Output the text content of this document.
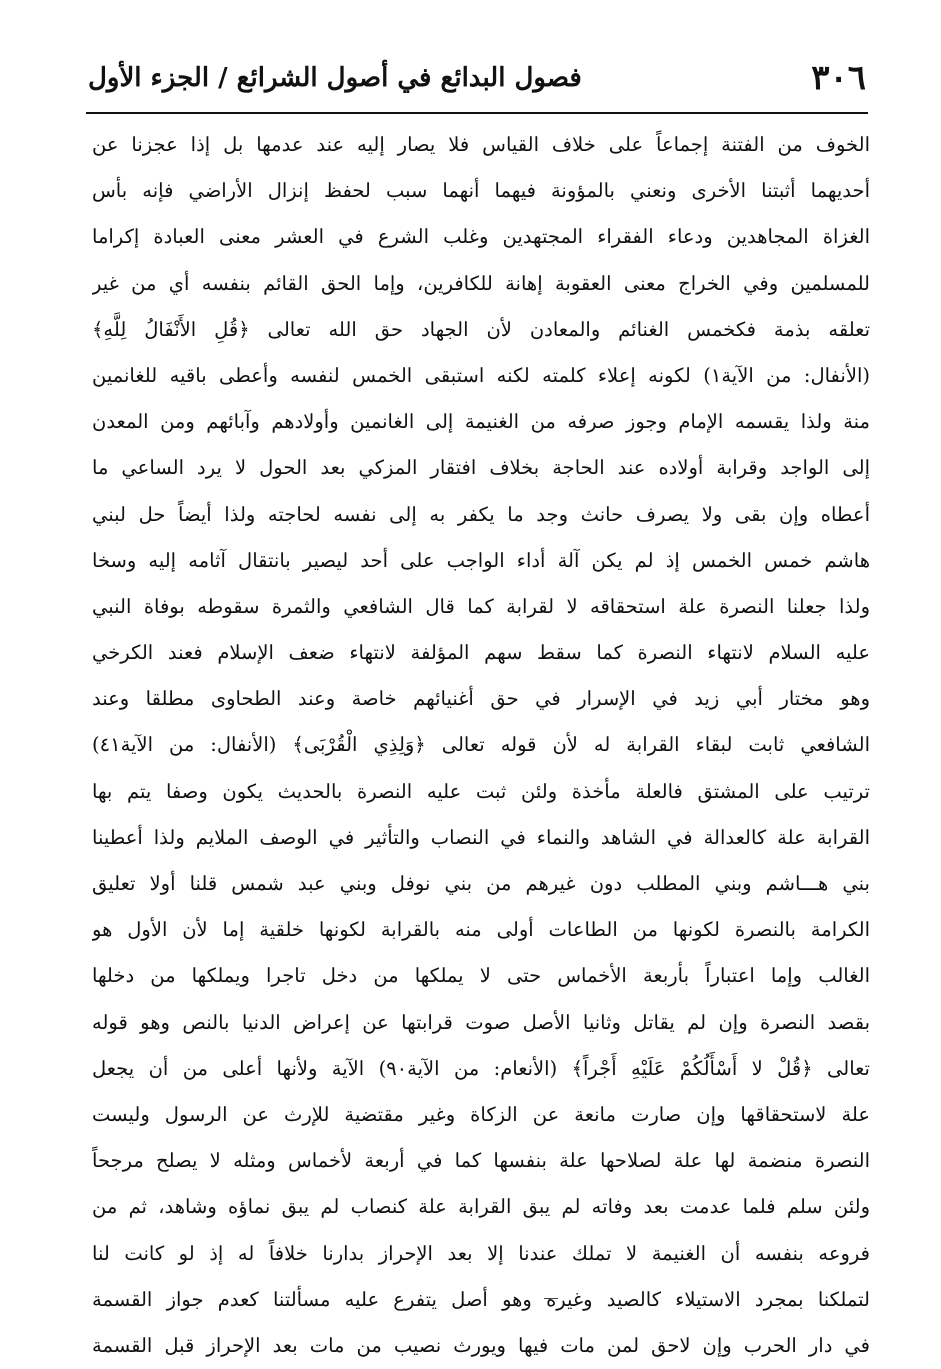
٣٠٦
فصول البدائع في أصول الشرائع / الجزء الأول
الخوف من الفتنة إجماعاً على خلاف القياس فلا يصار إليه عند عدمها بل إذا عجزنا عن
أحديهما أثبتنا الأخرى ونعني بالمؤونة فيهما أنهما سبب لحفظ إنزال الأراضي فإنه بأس
الغزاة المجاهدين ودعاء الفقراء المجتهدين وغلب الشرع في العشر معنى العبادة إكراما
للمسلمين وفي الخراج معنى العقوبة إهانة للكافرين، وإما الحق القائم بنفسه أي من غير
تعلقه بذمة فكخمس الغنائم والمعادن لأن الجهاد حق الله تعالى ﴿قُلِ الأَنْفَالُ لِلَّهِ﴾
(الأنفال: من الآية١) لكونه إعلاء كلمته لكنه استبقى الخمس لنفسه وأعطى باقيه للغانمين
منة ولذا يقسمه الإمام وجوز صرفه من الغنيمة إلى الغانمين وأولادهم وآبائهم ومن المعدن
إلى الواجد وقرابة أولاده عند الحاجة بخلاف افتقار المزكي بعد الحول لا يرد الساعي ما
أعطاه وإن بقى ولا يصرف حانث وجد ما يكفر به إلى نفسه لحاجته ولذا أيضاً حل لبني
هاشم خمس الخمس إذ لم يكن آلة أداء الواجب على أحد ليصير بانتقال آثامه إليه وسخا
ولذا جعلنا النصرة علة استحقاقه لا لقرابة كما قال الشافعي والثمرة سقوطه بوفاة النبي
عليه السلام لانتهاء النصرة كما سقط سهم المؤلفة لانتهاء ضعف الإسلام فعند الكرخي
وهو مختار أبي زيد في الإسرار في حق أغنيائهم خاصة وعند الطحاوى مطلقا وعند
الشافعي ثابت لبقاء القرابة له لأن قوله تعالى ﴿وَلِذِي الْقُرْبَى﴾ (الأنفال: من الآية٤١)
ترتيب على المشتق فالعلة مأخذة ولئن ثبت عليه النصرة بالحديث يكون وصفا يتم بها
القرابة علة كالعدالة في الشاهد والنماء في النصاب والتأثير في الوصف الملايم ولذا أعطينا
بني هـــاشم وبني المطلب دون غيرهم من بني نوفل وبني عبد شمس قلنا أولا تعليق
الكرامة بالنصرة لكونها من الطاعات أولى منه بالقرابة لكونها خلقية إما لأن الأول هو
الغالب وإما اعتباراً بأربعة الأخماس حتى لا يملكها من دخل تاجرا ويملكها من دخلها
بقصد النصرة وإن لم يقاتل وثانيا الأصل صوت قرابتها عن إعراض الدنيا بالنص وهو قوله
تعالى ﴿قُلْ لا أَسْأَلُكُمْ عَلَيْهِ أَجْراً﴾ (الأنعام: من الآية٩٠) الآية ولأنها أعلى من أن يجعل
علة لاستحقاقها وإن صارت مانعة عن الزكاة وغير مقتضية للإرث عن الرسول وليست
النصرة منضمة لها علة لصلاحها علة بنفسها كما في أربعة لأخماس ومثله لا يصلح مرجحاً
ولئن سلم فلما عدمت بعد وفاته لم يبق القرابة علة كنصاب لم يبق نماؤه وشاهد، ثم من
فروعه بنفسه أن الغنيمة لا تملك عندنا إلا بعد الإحراز بدارنا خلافاً له إذ لو كانت لنا
لتملكنا بمجرد الاستيلاء كالصيد وغيره وهو أصل يتفرع عليه مسألتنا كعدم جواز القسمة
في دار الحرب وإن لاحق لمن مات فيها ويورث نصيب من مات بعد الإحراز قبل القسمة
